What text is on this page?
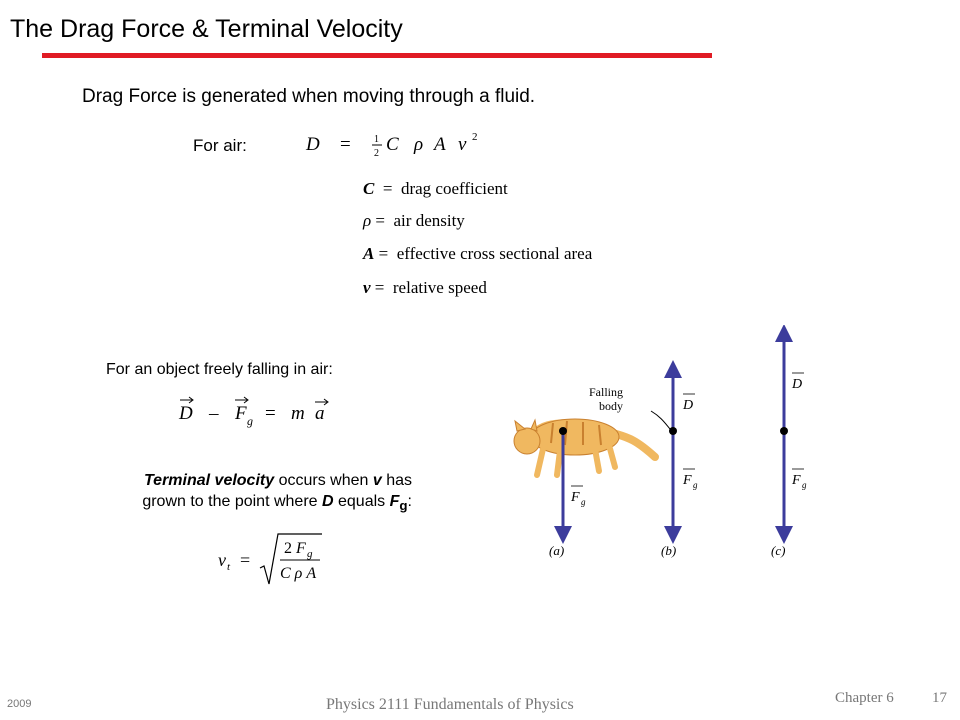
The Drag Force & Terminal Velocity
Drag Force is generated when moving through a fluid.
For air:	D = 1
2 C ρ A v 2
C = drag coefficient
ρ = air density
A = effective cross sectional area
v = relative speed
For an object freely falling in air:
D – F g = m a
Terminal velocity occurs when v has
grown to the point where D equals $F_g$:
v t =
2 F g
C ρ A
F g
Falling
body	D
F g
D
F g
(a)	(b)	(c)
2009	Physics 2111 Fundamentals of Physics	Chapter 6	17
